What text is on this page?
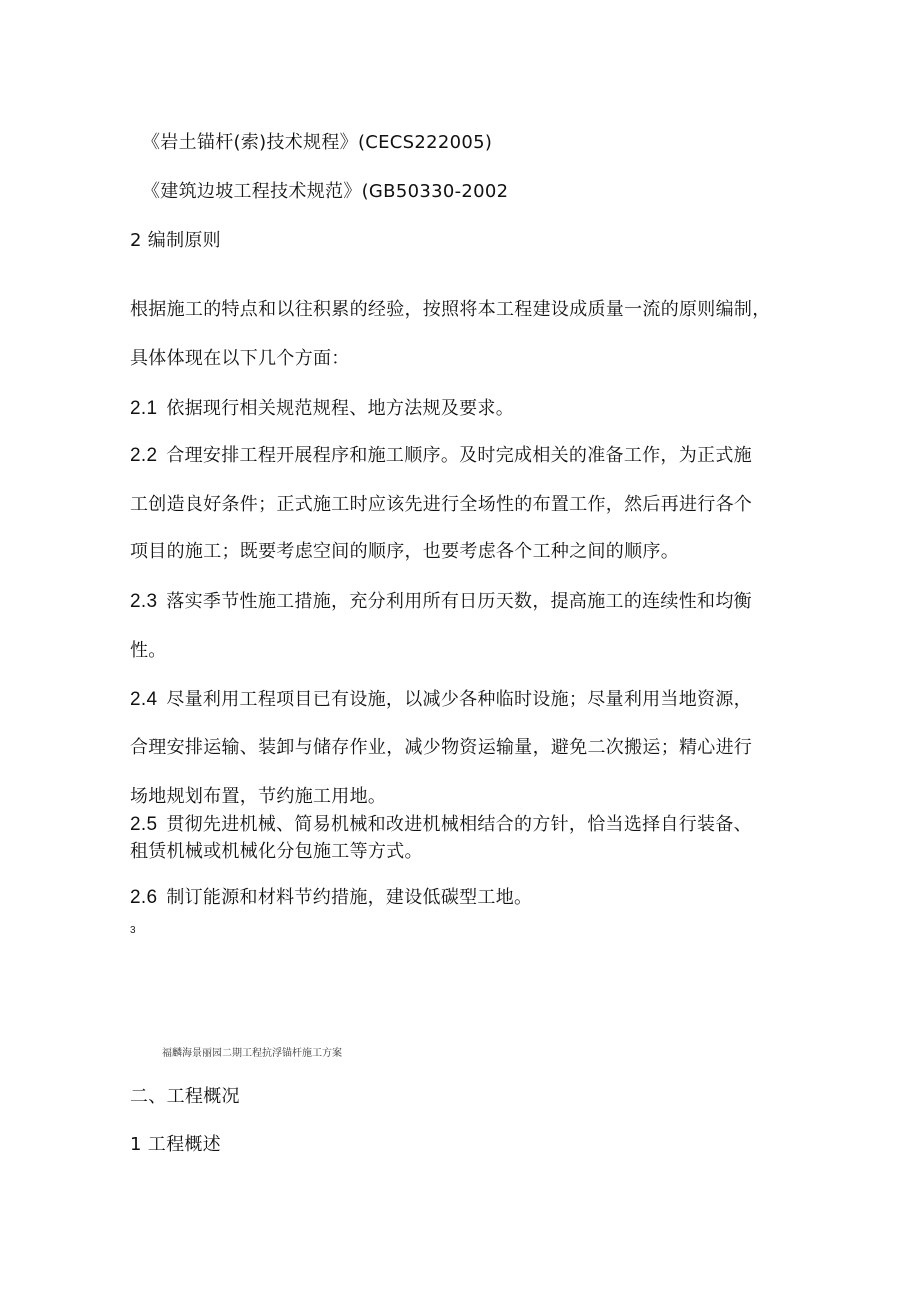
《岩土锚杆(索)技术规程》(CECS222005)
《建筑边坡工程技术规范》(GB50330-2002
2 编制原则
根据施工的特点和以往积累的经验，按照将本工程建设成质量一流的原则编制，
具体体现在以下几个方面：
2.1 依据现行相关规范规程、地方法规及要求。
2.2 合理安排工程开展程序和施工顺序。及时完成相关的准备工作，为正式施
工创造良好条件；正式施工时应该先进行全场性的布置工作，然后再进行各个
项目的施工；既要考虑空间的顺序，也要考虑各个工种之间的顺序。
2.3 落实季节性施工措施，充分利用所有日历天数，提高施工的连续性和均衡
性。
2.4 尽量利用工程项目已有设施，以减少各种临时设施；尽量利用当地资源，
合理安排运输、装卸与储存作业，减少物资运输量，避免二次搬运；精心进行
场地规划布置，节约施工用地。
2.5 贯彻先进机械、简易机械和改进机械相结合的方针，恰当选择自行装备、
租赁机械或机械化分包施工等方式。
2.6 制订能源和材料节约措施，建设低碳型工地。
3
福麟海景丽园二期工程抗浮锚杆施工方案
二、工程概况
1 工程概述
